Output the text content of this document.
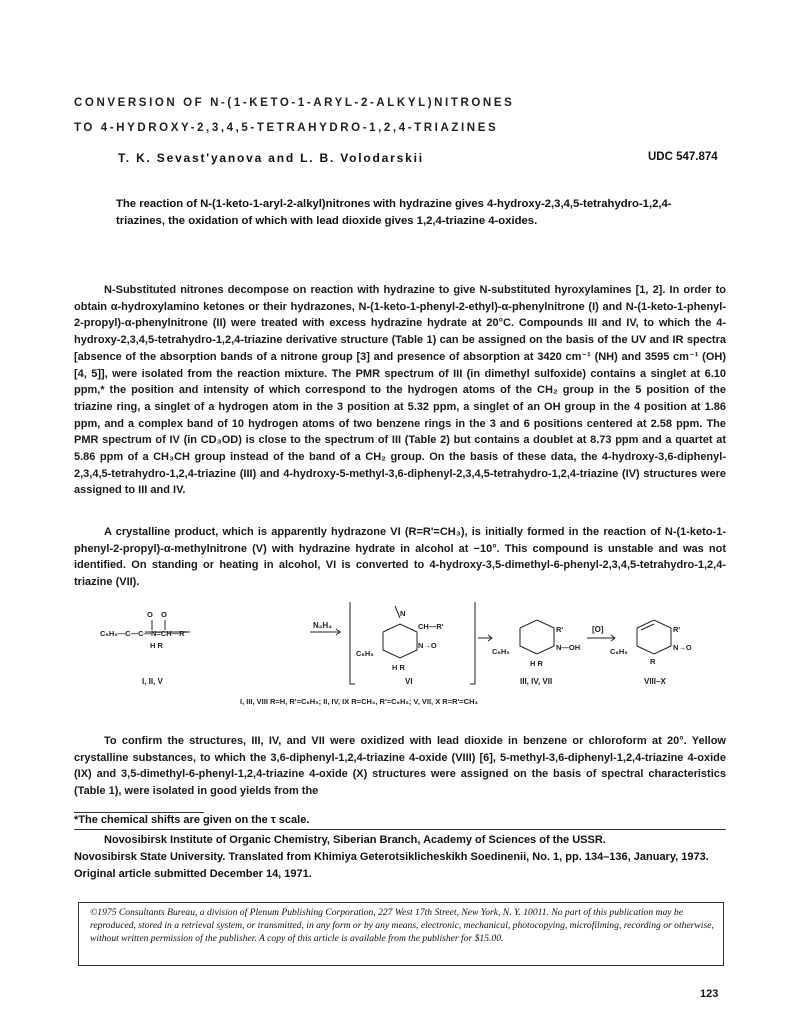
CONVERSION OF N-(1-KETO-1-ARYL-2-ALKYL)NITRONES
TO 4-HYDROXY-2,3,4,5-TETRAHYDRO-1,2,4-TRIAZINES
T. K. Sevast'yanova and L. B. Volodarskii	UDC 547.874
The reaction of N-(1-keto-1-aryl-2-alkyl)nitrones with hydrazine gives 4-hydroxy-2,3,4,5-tetrahydro-1,2,4-triazines, the oxidation of which with lead dioxide gives 1,2,4-triazine 4-oxides.

N-Substituted nitrones decompose on reaction with hydrazine to give N-substituted hyroxylamines [1, 2]. In order to obtain α-hydroxylamino ketones or their hydrazones, N-(1-keto-1-phenyl-2-ethyl)-α-phenylnitrone (I) and N-(1-keto-1-phenyl-2-propyl)-α-phenylnitrone (II) were treated with excess hydrazine hydrate at 20°C. Compounds III and IV, to which the 4-hydroxy-2,3,4,5-tetrahydro-1,2,4-triazine derivative structure (Table 1) can be assigned on the basis of the UV and IR spectra [absence of the absorption bands of a nitrone group [3] and presence of absorption at 3420 cm⁻¹ (NH) and 3595 cm⁻¹ (OH) [4, 5]], were isolated from the reaction mixture. The PMR spectrum of III (in dimethyl sulfoxide) contains a singlet at 6.10 ppm,* the position and intensity of which correspond to the hydrogen atoms of the CH₂ group in the 5 position of the triazine ring, a singlet of a hydrogen atom in the 3 position at 5.32 ppm, a singlet of an OH group in the 4 position at 1.86 ppm, and a complex band of 10 hydrogen atoms of two benzene rings in the 3 and 6 positions centered at 2.58 ppm. The PMR spectrum of IV (in CD₃OD) is close to the spectrum of III (Table 2) but contains a doublet at 8.73 ppm and a quartet at 5.86 ppm of a CH₃CH group instead of the band of a CH₂ group. On the basis of these data, the 4-hydroxy-3,6-diphenyl-2,3,4,5-tetrahydro-1,2,4-triazine (III) and 4-hydroxy-5-methyl-3,6-diphenyl-2,3,4,5-tetrahydro-1,2,4-triazine (IV) structures were assigned to III and IV.

A crystalline product, which is apparently hydrazone VI (R=R'=CH₃), is initially formed in the reaction of N-(1-keto-1-phenyl-2-propyl)-α-methylnitrone (V) with hydrazine hydrate in alcohol at −10°. This compound is unstable and was not identified. On standing or heating in alcohol, VI is converted to 4-hydroxy-3,5-dimethyl-6-phenyl-2,3,4,5-tetrahydro-1,2,4-triazine (VII).

O O
C₆H₅—C—C—N=CH—R'
H R
N
CH—R'
N→O
C₆H₅
H R
R'
N—OH
C₆H₅
H R
R'
N→O
C₆H₅
R
N₂H₄	[O]
I, II, V	VI	III, IV, VII	VIII–X
I, III, VIII R=H, R'=C₆H₅; II, IV, IX R=CH₃, R'=C₆H₅; V, VII, X R=R'=CH₃

To confirm the structures, III, IV, and VII were oxidized with lead dioxide in benzene or chloroform at 20°. Yellow crystalline substances, to which the 3,6-diphenyl-1,2,4-triazine 4-oxide (VIII) [6], 5-methyl-3,6-diphenyl-1,2,4-triazine 4-oxide (IX) and 3,5-dimethyl-6-phenyl-1,2,4-triazine 4-oxide (X) structures were assigned on the basis of spectral characteristics (Table 1), were isolated in good yields from the

*The chemical shifts are given on the τ scale.

Novosibirsk Institute of Organic Chemistry, Siberian Branch, Academy of Sciences of the USSR.

Novosibirsk State University. Translated from Khimiya Geterotsiklicheskikh Soedinenii, No. 1, pp. 134–136, January, 1973. Original article submitted December 14, 1971.

©1975 Consultants Bureau, a division of Plenum Publishing Corporation, 227 West 17th Street, New York, N. Y. 10011. No part of this publication may be reproduced, stored in a retrieval system, or transmitted, in any form or by any means, electronic, mechanical, photocopying, microfilming, recording or otherwise, without written permission of the publisher. A copy of this article is available from the publisher for $15.00.
123
